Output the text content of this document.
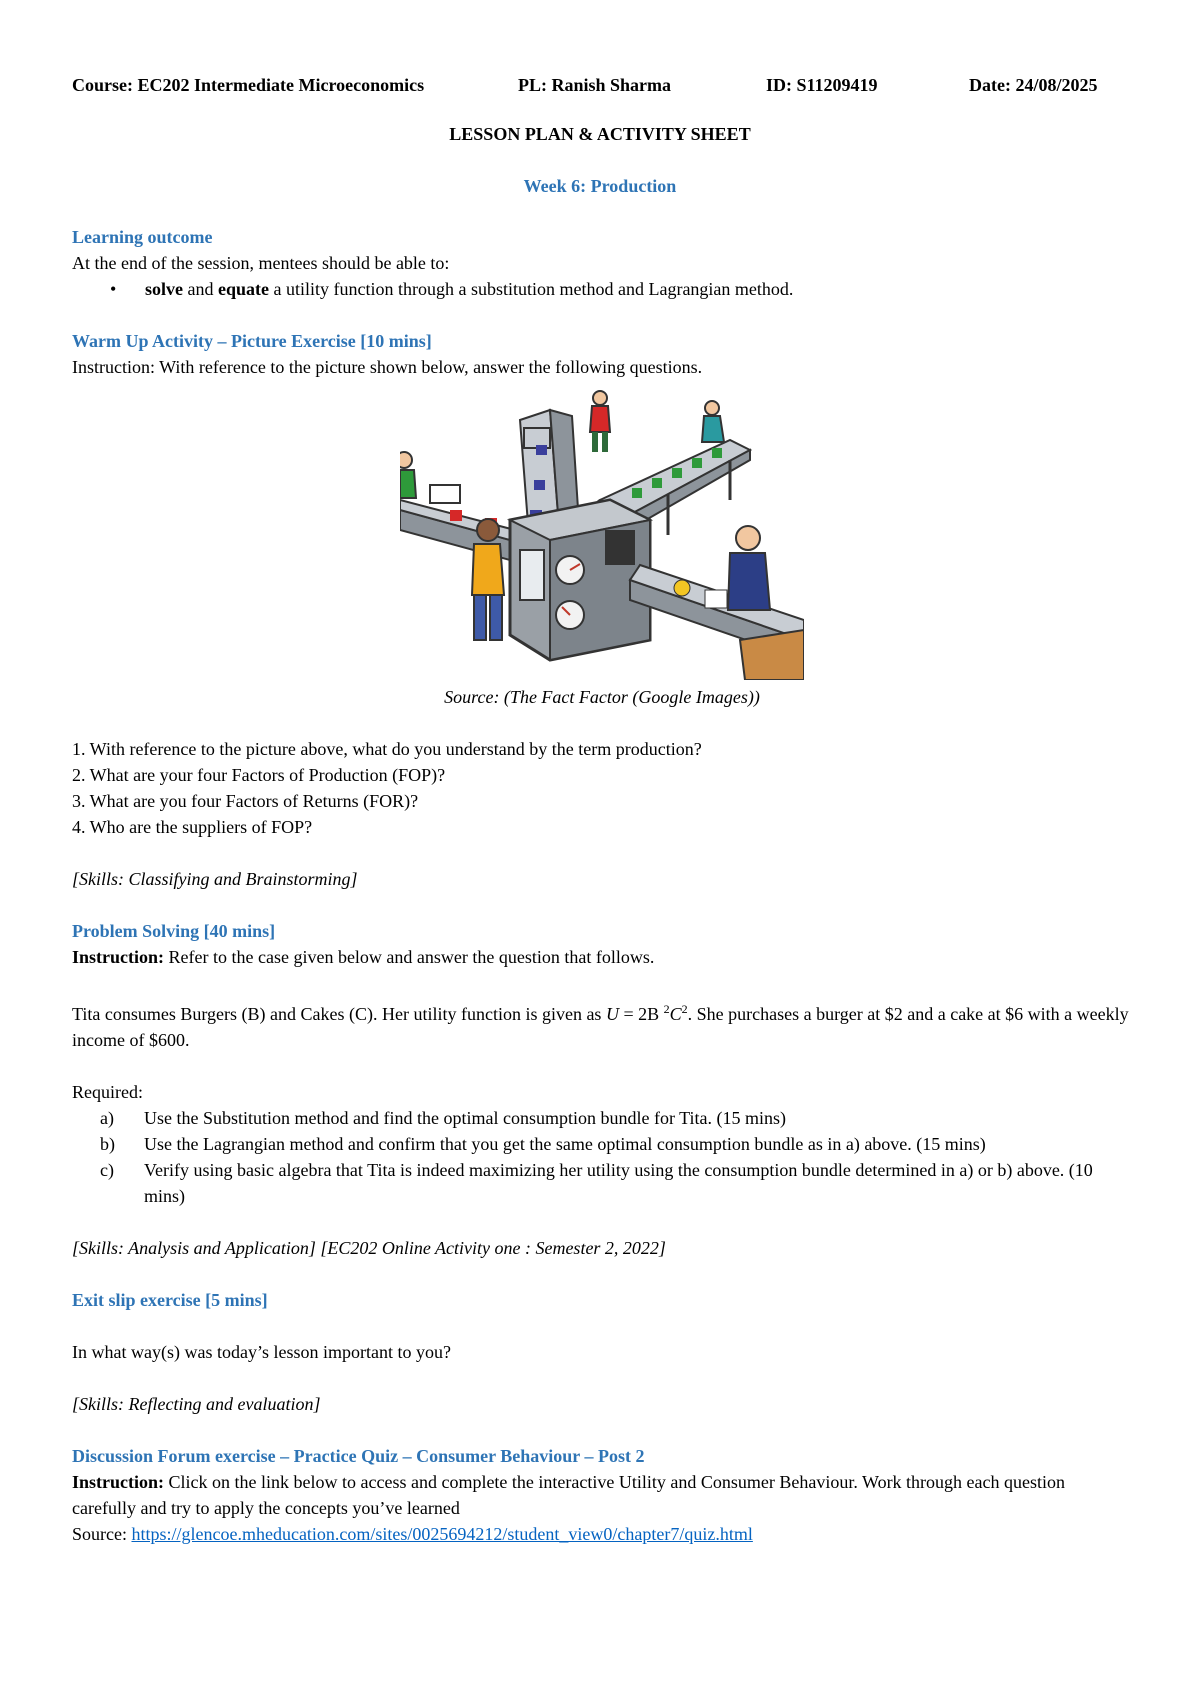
Course: EC202 Intermediate Microeconomics	PL: Ranish Sharma	ID: S11209419	Date: 24/08/2025
LESSON PLAN & ACTIVITY SHEET
Week 6: Production

Learning outcome

At the end of the session, mentees should be able to:

• solve and equate a utility function through a substitution method and Lagrangian method.

Warm Up Activity – Picture Exercise [10 mins]

Instruction: With reference to the picture shown below, answer the following questions.

Source: (The Fact Factor (Google Images))

1. With reference to the picture above, what do you understand by the term production?

2. What are your four Factors of Production (FOP)?

3. What are you four Factors of Returns (FOR)?

4. Who are the suppliers of FOP?

[Skills: Classifying and Brainstorming]

Problem Solving [40 mins]

Instruction: Refer to the case given below and answer the question that follows.

Tita consumes Burgers (B) and Cakes (C). Her utility function is given as U = 2B $^2C^2$. She purchases a burger at $2 and a cake at $6 with a weekly income of $600.

Required:

a) Use the Substitution method and find the optimal consumption bundle for Tita. (15 mins)
b) Use the Lagrangian method and confirm that you get the same optimal consumption bundle as in a) above. (15 mins)
c) Verify using basic algebra that Tita is indeed maximizing her utility using the consumption bundle determined in a) or b) above. (10 mins)

[Skills: Analysis and Application] [EC202 Online Activity one : Semester 2, 2022]

Exit slip exercise [5 mins]

In what way(s) was today’s lesson important to you?

[Skills: Reflecting and evaluation]

Discussion Forum exercise – Practice Quiz – Consumer Behaviour – Post 2

Instruction: Click on the link below to access and complete the interactive Utility and Consumer Behaviour. Work through each question carefully and try to apply the concepts you’ve learned

Source: https://glencoe.mheducation.com/sites/0025694212/student_view0/chapter7/quiz.html
